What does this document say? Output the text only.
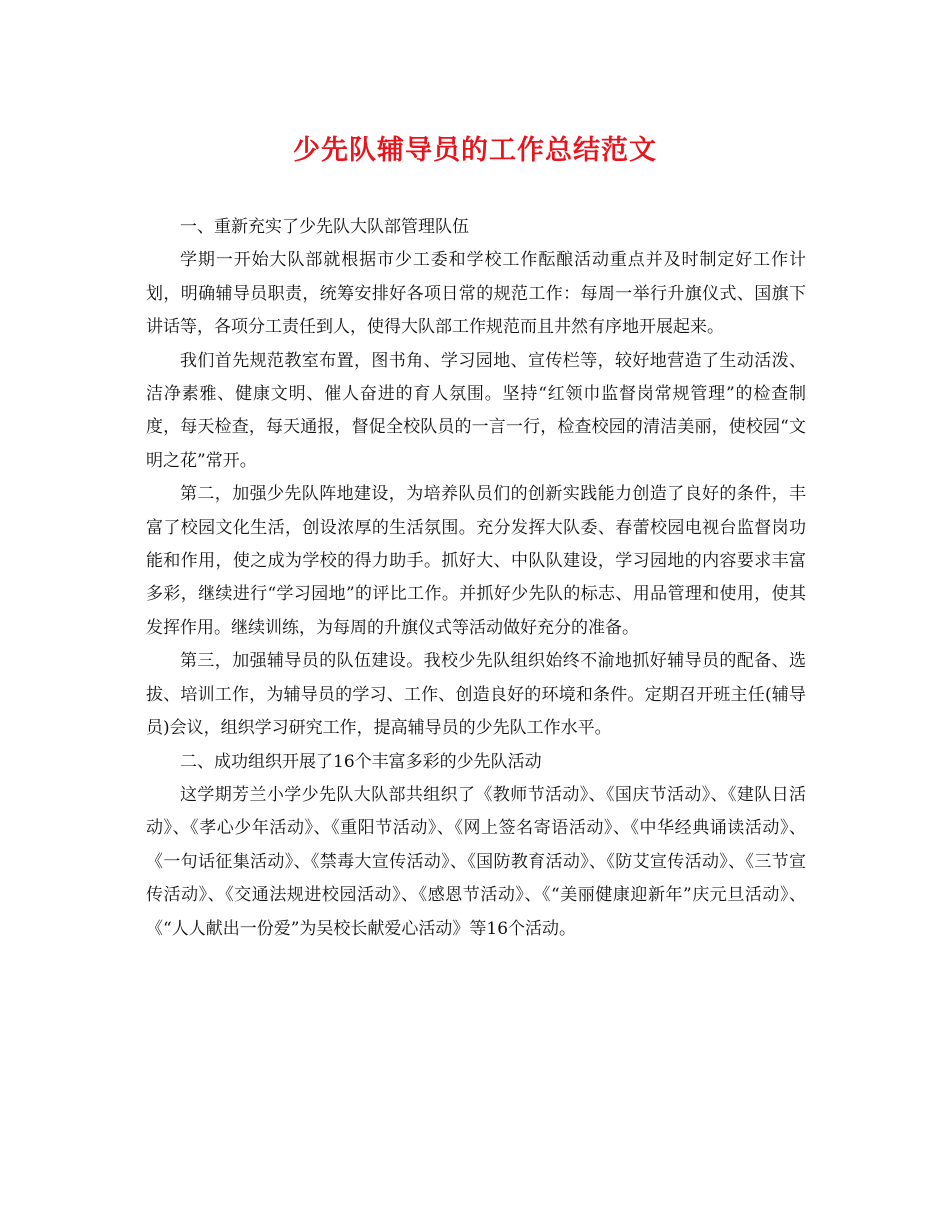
少先队辅导员的工作总结范文

一、重新充实了少先队大队部管理队伍

学期一开始大队部就根据市少工委和学校工作酝酿活动重点并及时制定好工作计划，明确辅导员职责，统筹安排好各项日常的规范工作：每周一举行升旗仪式、国旗下讲话等，各项分工责任到人，使得大队部工作规范而且井然有序地开展起来。

我们首先规范教室布置，图书角、学习园地、宣传栏等，较好地营造了生动活泼、洁净素雅、健康文明、催人奋进的育人氛围。坚持“红领巾监督岗常规管理”的检查制度，每天检查，每天通报，督促全校队员的一言一行，检查校园的清洁美丽，使校园“文明之花”常开。

第二，加强少先队阵地建设，为培养队员们的创新实践能力创造了良好的条件，丰富了校园文化生活，创设浓厚的生活氛围。充分发挥大队委、春蕾校园电视台监督岗功能和作用，使之成为学校的得力助手。抓好大、中队队建设，学习园地的内容要求丰富多彩，继续进行“学习园地”的评比工作。并抓好少先队的标志、用品管理和使用，使其发挥作用。继续训练，为每周的升旗仪式等活动做好充分的准备。

第三，加强辅导员的队伍建设。我校少先队组织始终不渝地抓好辅导员的配备、选拔、培训工作，为辅导员的学习、工作、创造良好的环境和条件。定期召开班主任(辅导员)会议，组织学习研究工作，提高辅导员的少先队工作水平。

二、成功组织开展了16个丰富多彩的少先队活动

这学期芳兰小学少先队大队部共组织了《教师节活动》、《国庆节活动》、《建队日活动》、《孝心少年活动》、《重阳节活动》、《网上签名寄语活动》、《中华经典诵读活动》、《一句话征集活动》、《禁毒大宣传活动》、《国防教育活动》、《防艾宣传活动》、《三节宣传活动》、《交通法规进校园活动》、《感恩节活动》、《“美丽健康迎新年”庆元旦活动》、《“人人献出一份爱”为吴校长献爱心活动》等16个活动。
